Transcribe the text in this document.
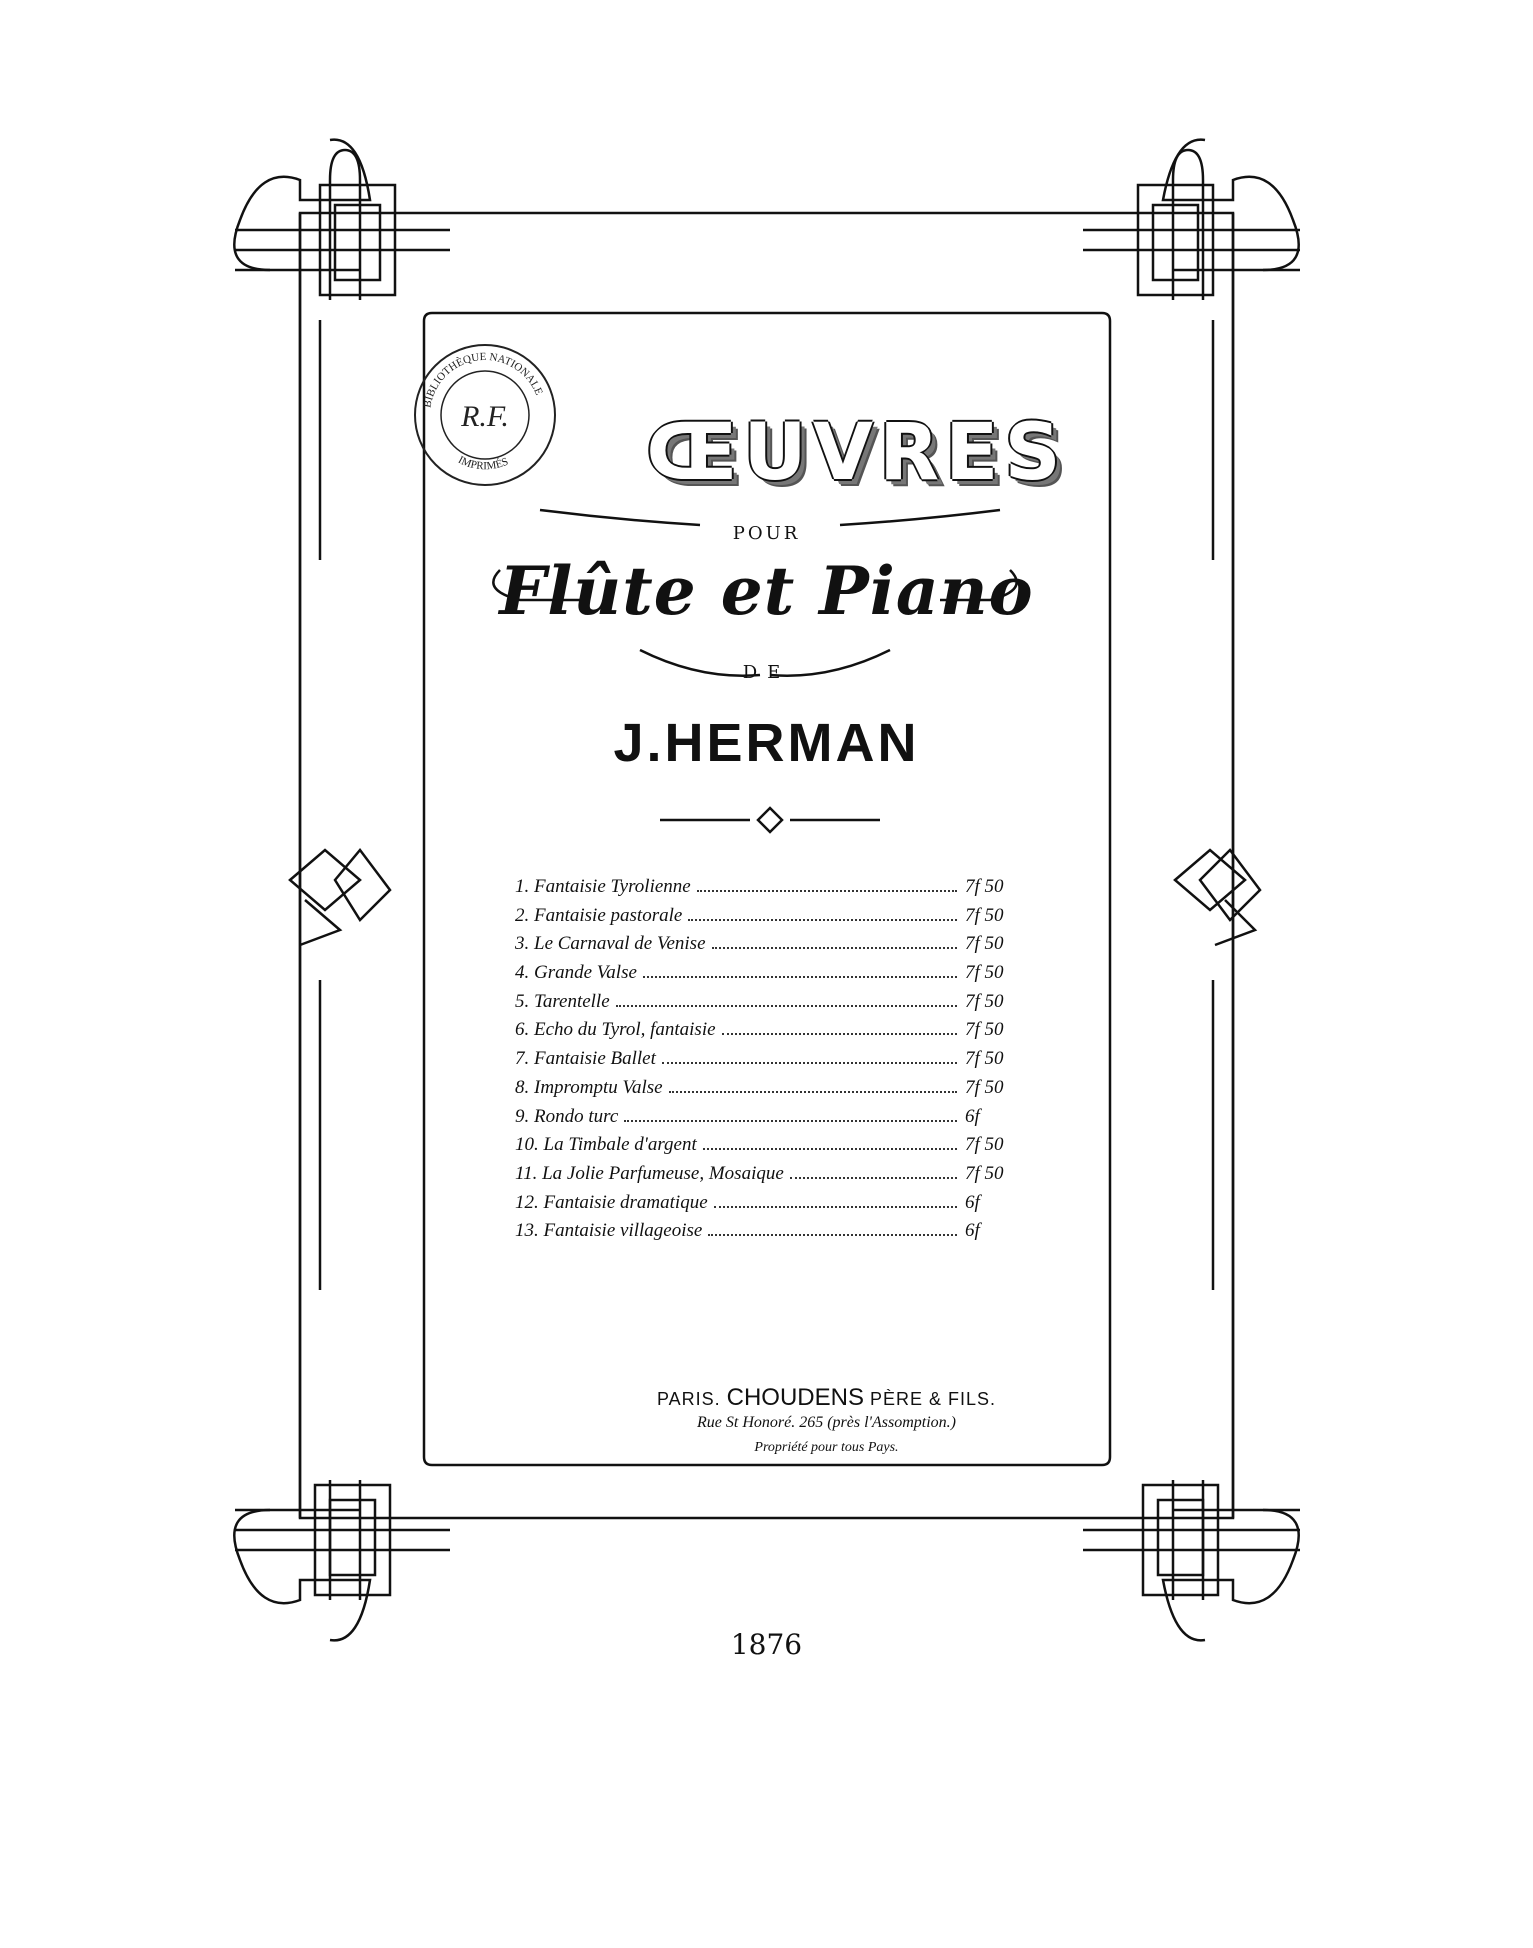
R.F.
BIBLIOTHÈQUE NATIONALE
IMPRIMÉS	ŒUVRES
POUR
Flûte et Piano
DE
J.HERMAN
1. Fantaisie Tyrolienne	7f 50
2. Fantaisie pastorale	7f 50
3. Le Carnaval de Venise	7f 50
4. Grande Valse	7f 50
5. Tarentelle	7f 50
6. Echo du Tyrol, fantaisie	7f 50
7. Fantaisie Ballet	7f 50
8. Impromptu Valse	7f 50
9. Rondo turc	6f
10. La Timbale d'argent	7f 50
11. La Jolie Parfumeuse, Mosaique	7f 50
12. Fantaisie dramatique	6f
13. Fantaisie villageoise	6f
PARIS. CHOUDENS PÈRE & FILS.
Rue St Honoré. 265 (près l'Assomption.)
Propriété pour tous Pays.
1876
